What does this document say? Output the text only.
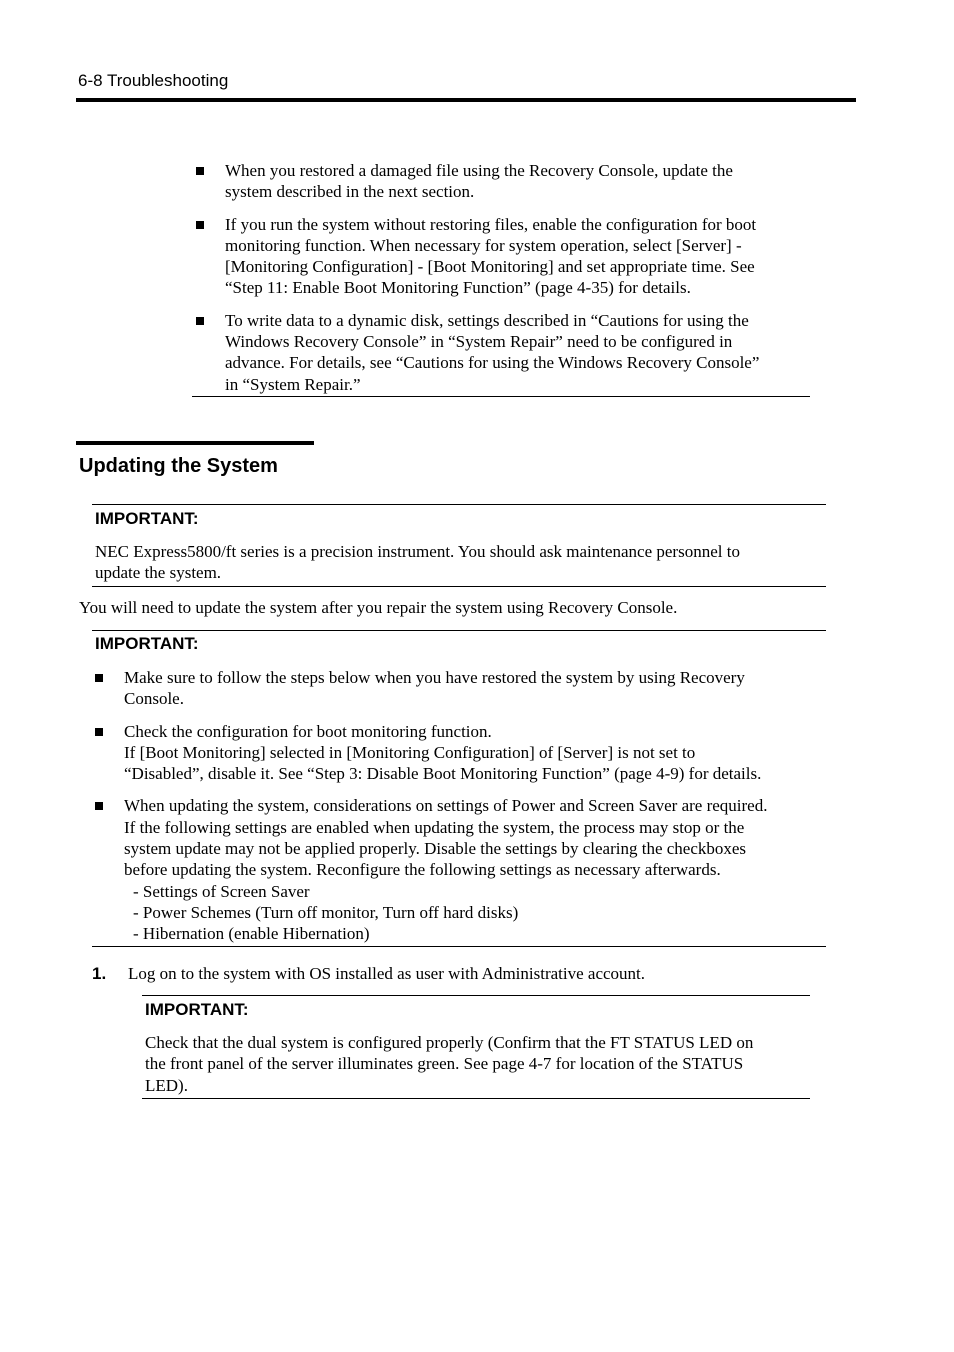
6-8 Troubleshooting
When you restored a damaged file using the Recovery Console, update the
system described in the next section.
If you run the system without restoring files, enable the configuration for boot
monitoring function. When necessary for system operation, select [Server] -
[Monitoring Configuration] - [Boot Monitoring] and set appropriate time. See
“Step 11: Enable Boot Monitoring Function” (page 4-35) for details.
To write data to a dynamic disk, settings described in “Cautions for using the
Windows Recovery Console” in “System Repair” need to be configured in
advance. For details, see “Cautions for using the Windows Recovery Console”
in “System Repair.”
Updating the System
IMPORTANT:
NEC Express5800/ft series is a precision instrument. You should ask maintenance personnel to
update the system.
You will need to update the system after you repair the system using Recovery Console.
IMPORTANT:
Make sure to follow the steps below when you have restored the system by using Recovery
Console.
Check the configuration for boot monitoring function.
If [Boot Monitoring] selected in [Monitoring Configuration] of [Server] is not set to
“Disabled”, disable it. See “Step 3: Disable Boot Monitoring Function” (page 4-9) for details.
When updating the system, considerations on settings of Power and Screen Saver are required.
If the following settings are enabled when updating the system, the process may stop or the
system update may not be applied properly. Disable the settings by clearing the checkboxes
before updating the system. Reconfigure the following settings as necessary afterwards.
- Settings of Screen Saver
- Power Schemes (Turn off monitor, Turn off hard disks)
- Hibernation (enable Hibernation)
1. Log on to the system with OS installed as user with Administrative account.
IMPORTANT:
Check that the dual system is configured properly (Confirm that the FT STATUS LED on
the front panel of the server illuminates green. See page 4-7 for location of the STATUS
LED).
